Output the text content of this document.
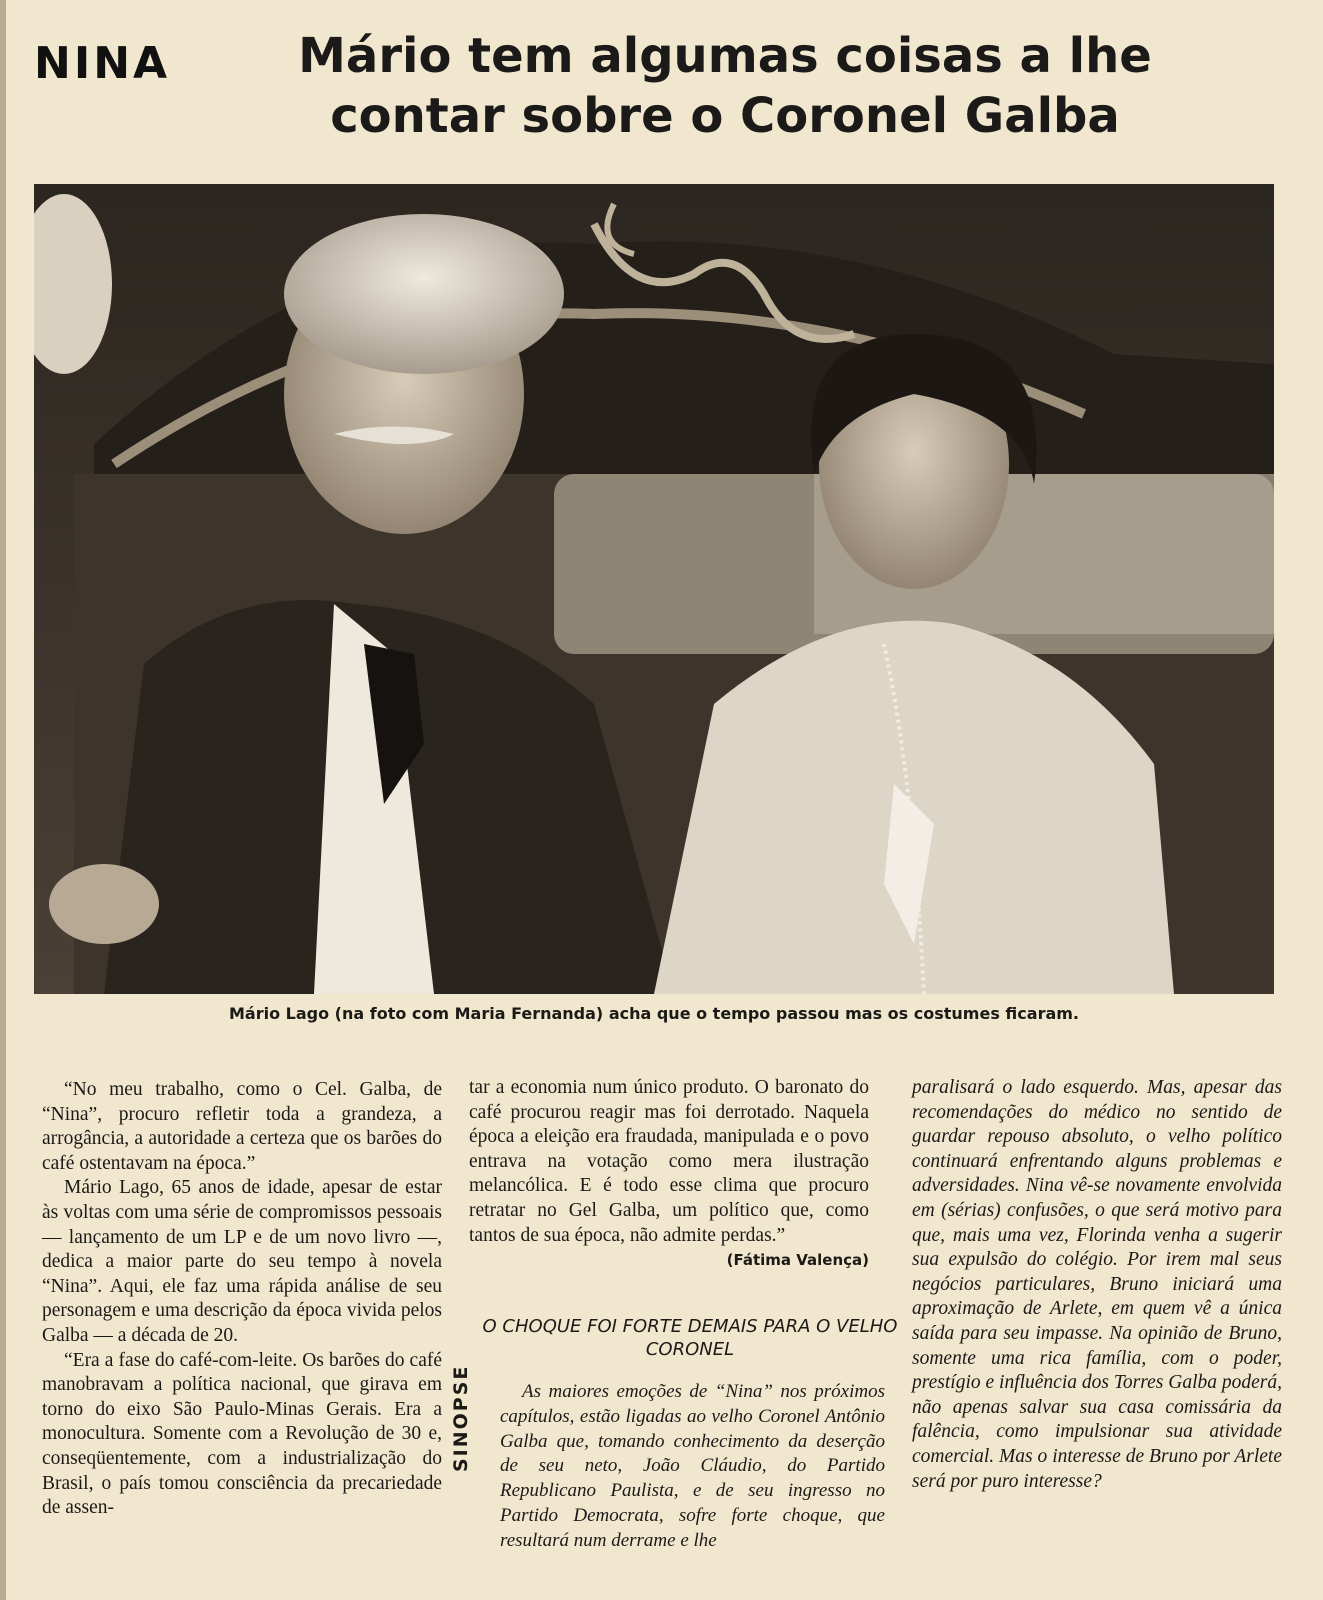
NINA	Mário tem algumas coisas a lhe contar sobre o Coronel Galba
Mário Lago (na foto com Maria Fernanda) acha que o tempo passou mas os costumes ficaram.

“No meu trabalho, como o Cel. Galba, de “Nina”, procuro refletir toda a grandeza, a arrogância, a autoridade a certeza que os barões do café ostentavam na época.”

Mário Lago, 65 anos de idade, apesar de estar às voltas com uma série de compromissos pessoais — lançamento de um LP e de um novo livro —, dedica a maior parte do seu tempo à novela “Nina”. Aqui, ele faz uma rápida análise de seu personagem e uma descrição da época vivida pelos Galba — a década de 20.

“Era a fase do café-com-leite. Os barões do café manobravam a política nacional, que girava em torno do eixo São Paulo-Minas Gerais. Era a monocultura. Somente com a Revolução de 30 e, conseqüentemente, com a industrialização do Brasil, o país tomou consciência da precariedade de assen-

tar a economia num único produto. O baronato do café procurou reagir mas foi derrotado. Naquela época a eleição era fraudada, manipulada e o povo entrava na votação como mera ilustração melancólica. E é todo esse clima que procuro retratar no Gel Galba, um político que, como tantos de sua época, não admite perdas.”

(Fátima Valença)

O CHOQUE FOI FORTE DEMAIS PARA O VELHO CORONEL
SINOPSE	As maiores emoções de “Nina” nos próximos capítulos, estão ligadas ao velho Coronel Antônio Galba que, tomando conhecimento da deserção de seu neto, João Cláudio, do Partido Republicano Paulista, e de seu ingresso no Partido Democrata, sofre forte choque, que resultará num derrame e lhe

paralisará o lado esquerdo. Mas, apesar das recomendações do médico no sentido de guardar repouso absoluto, o velho político continuará enfrentando alguns problemas e adversidades. Nina vê-se novamente envolvida em (sérias) confusões, o que será motivo para que, mais uma vez, Florinda venha a sugerir sua expulsão do colégio. Por irem mal seus negócios particulares, Bruno iniciará uma aproximação de Arlete, em quem vê a única saída para seu impasse. Na opinião de Bruno, somente uma rica família, com o poder, prestígio e influência dos Torres Galba poderá, não apenas salvar sua casa comissária da falência, como impulsionar sua atividade comercial. Mas o interesse de Bruno por Arlete será por puro interesse?
